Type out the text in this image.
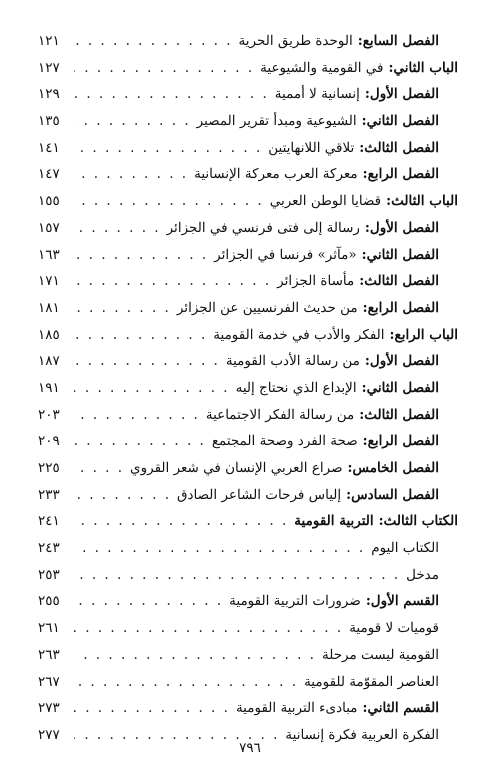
الفصل السابع
:
الوحدة طريق الحرية
. . .
١٢١
الباب الثاني
:
في القومية والشيوعية
. . .
١٢٧
الفصل الأول
:
إنسانية لا أممية
. . .
١٢٩
الفصل الثاني
:
الشيوعية ومبدأ تقرير المصير
. . .
١٣٥
الفصل الثالث
:
تلاقي اللانهايتين
. . .
١٤١
الفصل الرابع
:
معركة العرب معركة الإنسانية
. . .
١٤٧
الباب الثالث
:
قضايا الوطن العربي
. . .
١٥٥
الفصل الأول
:
رسالة إلى فتى فرنسي في الجزائر
. . .
١٥٧
الفصل الثاني
:
«مآثر» فرنسا في الجزائر
. . .
١٦٣
الفصل الثالث
:
مأساة الجزائر
. . .
١٧١
الفصل الرابع
:
من حديث الفرنسيين عن الجزائر
. . .
١٨١
الباب الرابع
:
الفكر والأدب في خدمة القومية
. . .
١٨٥
الفصل الأول
:
من رسالة الأدب القومية
. . .
١٨٧
الفصل الثاني
:
الإبداع الذي نحتاج إليه
. . .
١٩١
الفصل الثالث
:
من رسالة الفكر الاجتماعية
. . .
٢٠٣
الفصل الرابع
:
صحة الفرد وصحة المجتمع
. . .
٢٠٩
الفصل الخامس
:
صراع العربي الإنسان في شعر القروي
. . .
٢٢٥
الفصل السادس
:
إلياس فرحات الشاعر الصادق
. . .
٢٣٣
الكتاب الثالث
:
التربية القومية
. . .
٢٤١
الكتاب اليوم
. . .
٢٤٣
مدخل
. . .
٢٥٣
القسم الأول
:
ضرورات التربية القومية
. . .
٢٥٥
قوميات لا قومية
. . .
٢٦١
القومية ليست مرحلة
. . .
٢٦٣
العناصر المقوّمة للقومية
. . .
٢٦٧
القسم الثاني
:
مبادىء التربية القومية
. . .
٢٧٣
الفكرة العربية فكرة إنسانية
. . .
٢٧٧
٧٩٦
